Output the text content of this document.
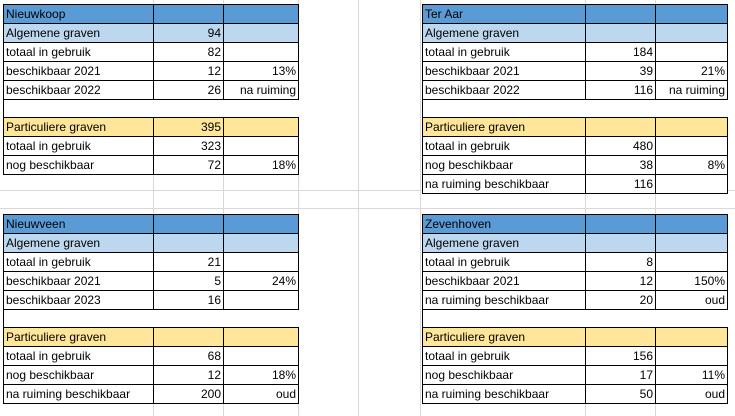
Nieuwkoop		
Algemene graven	94	
totaal in gebruik	82	
beschikbaar 2021	12	13%
beschikbaar 2022	26	na ruiming

Particuliere graven	395	
totaal in gebruik	323	
nog beschikbaar	72	18%
Ter Aar		
Algemene graven		
totaal in gebruik	184	
beschikbaar 2021	39	21%
beschikbaar 2022	116	na ruiming

Particuliere graven		
totaal in gebruik	480	
nog beschikbaar	38	8%
na ruiming beschikbaar	116	
Nieuwveen		
Algemene graven		
totaal in gebruik	21	
beschikbaar 2021	5	24%
beschikbaar 2023	16	

Particuliere graven		
totaal in gebruik	68	
nog beschikbaar	12	18%
na ruiming beschikbaar	200	oud
Zevenhoven		
Algemene graven		
totaal in gebruik	8	
beschikbaar 2021	12	150%
na ruiming beschikbaar	20	oud

Particuliere graven		
totaal in gebruik	156	
nog beschikbaar	17	11%
na ruiming beschikbaar	50	oud
